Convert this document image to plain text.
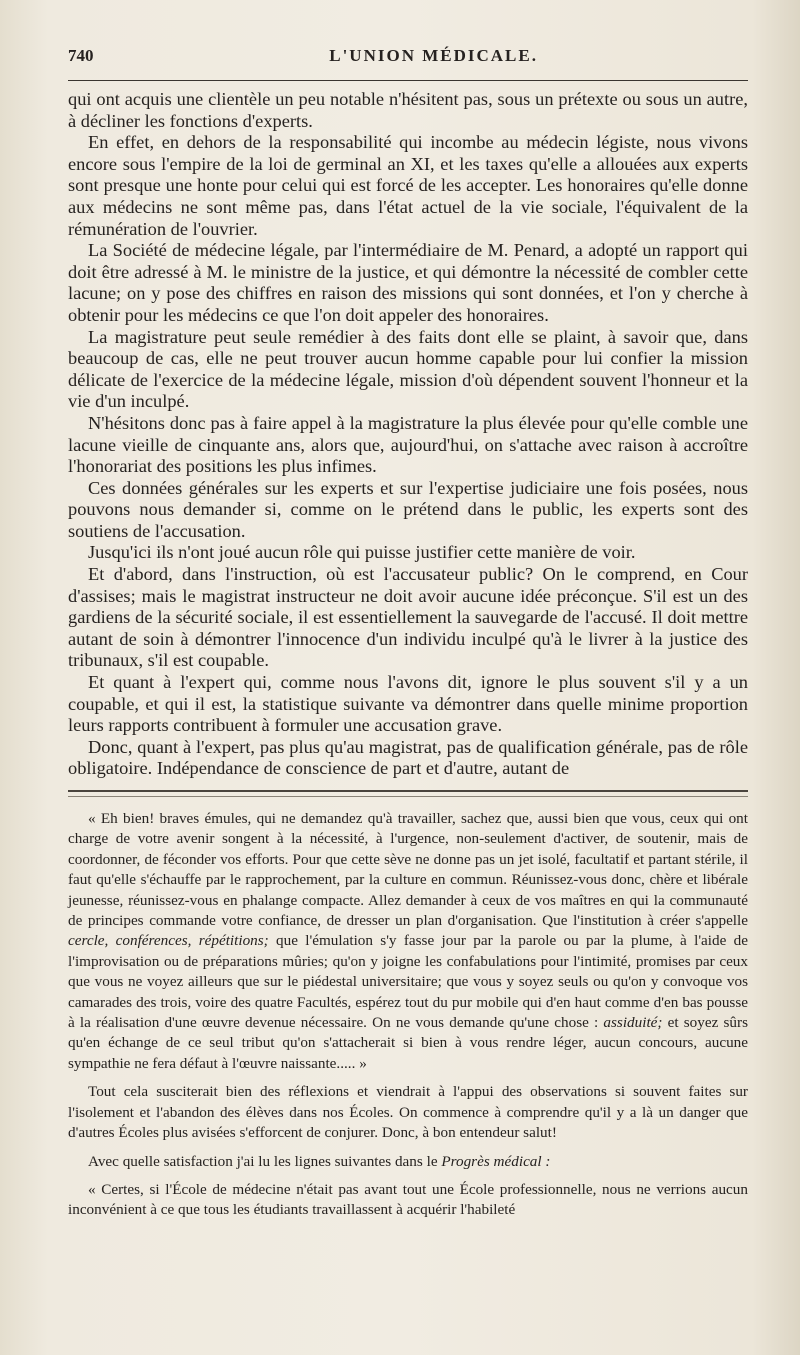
740	L'UNION MÉDICALE.

qui ont acquis une clientèle un peu notable n'hésitent pas, sous un prétexte ou sous un autre, à décliner les fonctions d'experts.

En effet, en dehors de la responsabilité qui incombe au médecin légiste, nous vivons encore sous l'empire de la loi de germinal an XI, et les taxes qu'elle a allouées aux experts sont presque une honte pour celui qui est forcé de les accepter. Les honoraires qu'elle donne aux médecins ne sont même pas, dans l'état actuel de la vie sociale, l'équivalent de la rémunération de l'ouvrier.

La Société de médecine légale, par l'intermédiaire de M. Penard, a adopté un rapport qui doit être adressé à M. le ministre de la justice, et qui démontre la nécessité de combler cette lacune; on y pose des chiffres en raison des missions qui sont données, et l'on y cherche à obtenir pour les médecins ce que l'on doit appeler des honoraires.

La magistrature peut seule remédier à des faits dont elle se plaint, à savoir que, dans beaucoup de cas, elle ne peut trouver aucun homme capable pour lui confier la mission délicate de l'exercice de la médecine légale, mission d'où dépendent souvent l'honneur et la vie d'un inculpé.

N'hésitons donc pas à faire appel à la magistrature la plus élevée pour qu'elle comble une lacune vieille de cinquante ans, alors que, aujourd'hui, on s'attache avec raison à accroître l'honorariat des positions les plus infimes.

Ces données générales sur les experts et sur l'expertise judiciaire une fois posées, nous pouvons nous demander si, comme on le prétend dans le public, les experts sont des soutiens de l'accusation.

Jusqu'ici ils n'ont joué aucun rôle qui puisse justifier cette manière de voir.

Et d'abord, dans l'instruction, où est l'accusateur public? On le comprend, en Cour d'assises; mais le magistrat instructeur ne doit avoir aucune idée préconçue. S'il est un des gardiens de la sécurité sociale, il est essentiellement la sauvegarde de l'accusé. Il doit mettre autant de soin à démontrer l'innocence d'un individu inculpé qu'à le livrer à la justice des tribunaux, s'il est coupable.

Et quant à l'expert qui, comme nous l'avons dit, ignore le plus souvent s'il y a un coupable, et qui il est, la statistique suivante va démontrer dans quelle minime proportion leurs rapports contribuent à formuler une accusation grave.

Donc, quant à l'expert, pas plus qu'au magistrat, pas de qualification générale, pas de rôle obligatoire. Indépendance de conscience de part et d'autre, autant de

« Eh bien! braves émules, qui ne demandez qu'à travailler, sachez que, aussi bien que vous, ceux qui ont charge de votre avenir songent à la nécessité, à l'urgence, non-seulement d'activer, de soutenir, mais de coordonner, de féconder vos efforts. Pour que cette sève ne donne pas un jet isolé, facultatif et partant stérile, il faut qu'elle s'échauffe par le rapprochement, par la culture en commun. Réunissez-vous donc, chère et libérale jeunesse, réunissez-vous en phalange compacte. Allez demander à ceux de vos maîtres en qui la communauté de principes commande votre confiance, de dresser un plan d'organisation. Que l'institution à créer s'appelle cercle, conférences, répétitions; que l'émulation s'y fasse jour par la parole ou par la plume, à l'aide de l'improvisation ou de préparations mûries; qu'on y joigne les confabulations pour l'intimité, promises par ceux que vous ne voyez ailleurs que sur le piédestal universitaire; que vous y soyez seuls ou qu'on y convoque vos camarades des trois, voire des quatre Facultés, espérez tout du pur mobile qui d'en haut comme d'en bas pousse à la réalisation d'une œuvre devenue nécessaire. On ne vous demande qu'une chose : assiduité; et soyez sûrs qu'en échange de ce seul tribut qu'on s'attacherait si bien à vous rendre léger, aucun concours, aucune sympathie ne fera défaut à l'œuvre naissante..... »

Tout cela susciterait bien des réflexions et viendrait à l'appui des observations si souvent faites sur l'isolement et l'abandon des élèves dans nos Écoles. On commence à comprendre qu'il y a là un danger que d'autres Écoles plus avisées s'efforcent de conjurer. Donc, à bon entendeur salut!

Avec quelle satisfaction j'ai lu les lignes suivantes dans le Progrès médical :

« Certes, si l'École de médecine n'était pas avant tout une École professionnelle, nous ne verrions aucun inconvénient à ce que tous les étudiants travaillassent à acquérir l'habileté
